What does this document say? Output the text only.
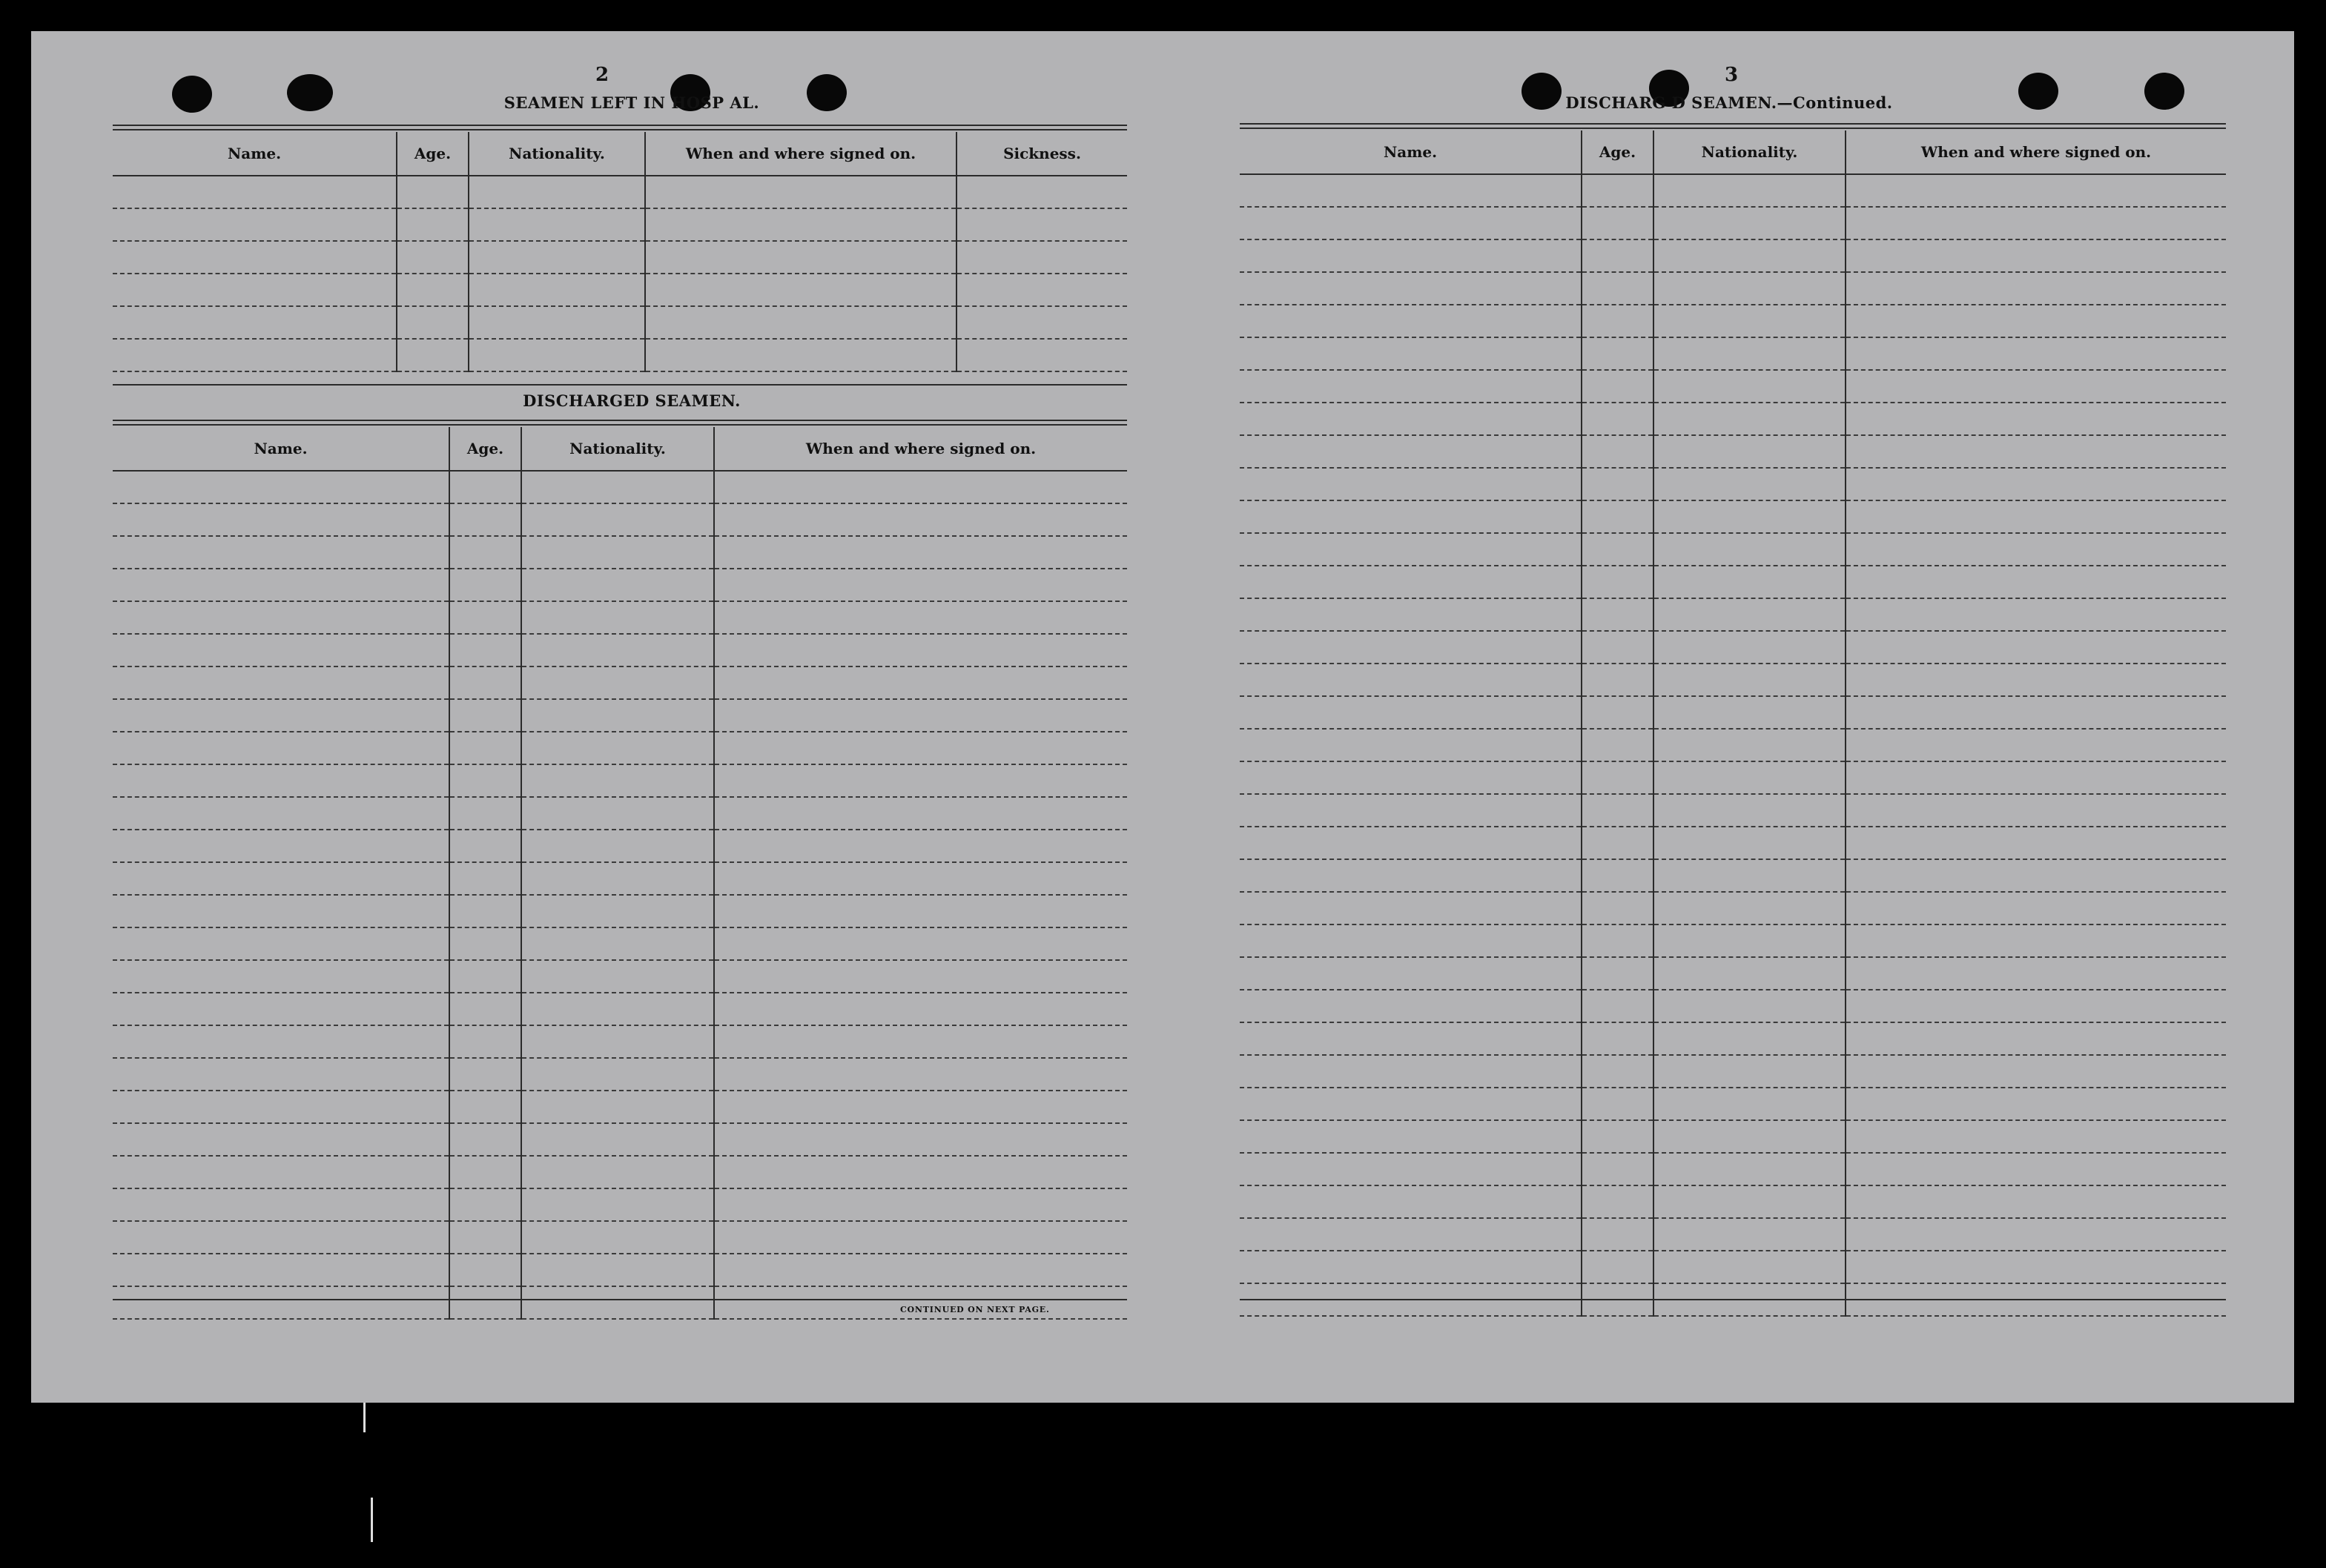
2
SEAMEN LEFT IN HOSP AL.
Name.	Age.	Nationality.	When and where signed on.	Sickness.

DISCHARGED SEAMEN.
Name.	Age.	Nationality.	When and where signed on.

CONTINUED ON NEXT PAGE.
3
DISCHARG D SEAMEN.—Continued.
Name.	Age.	Nationality.	When and where signed on.
